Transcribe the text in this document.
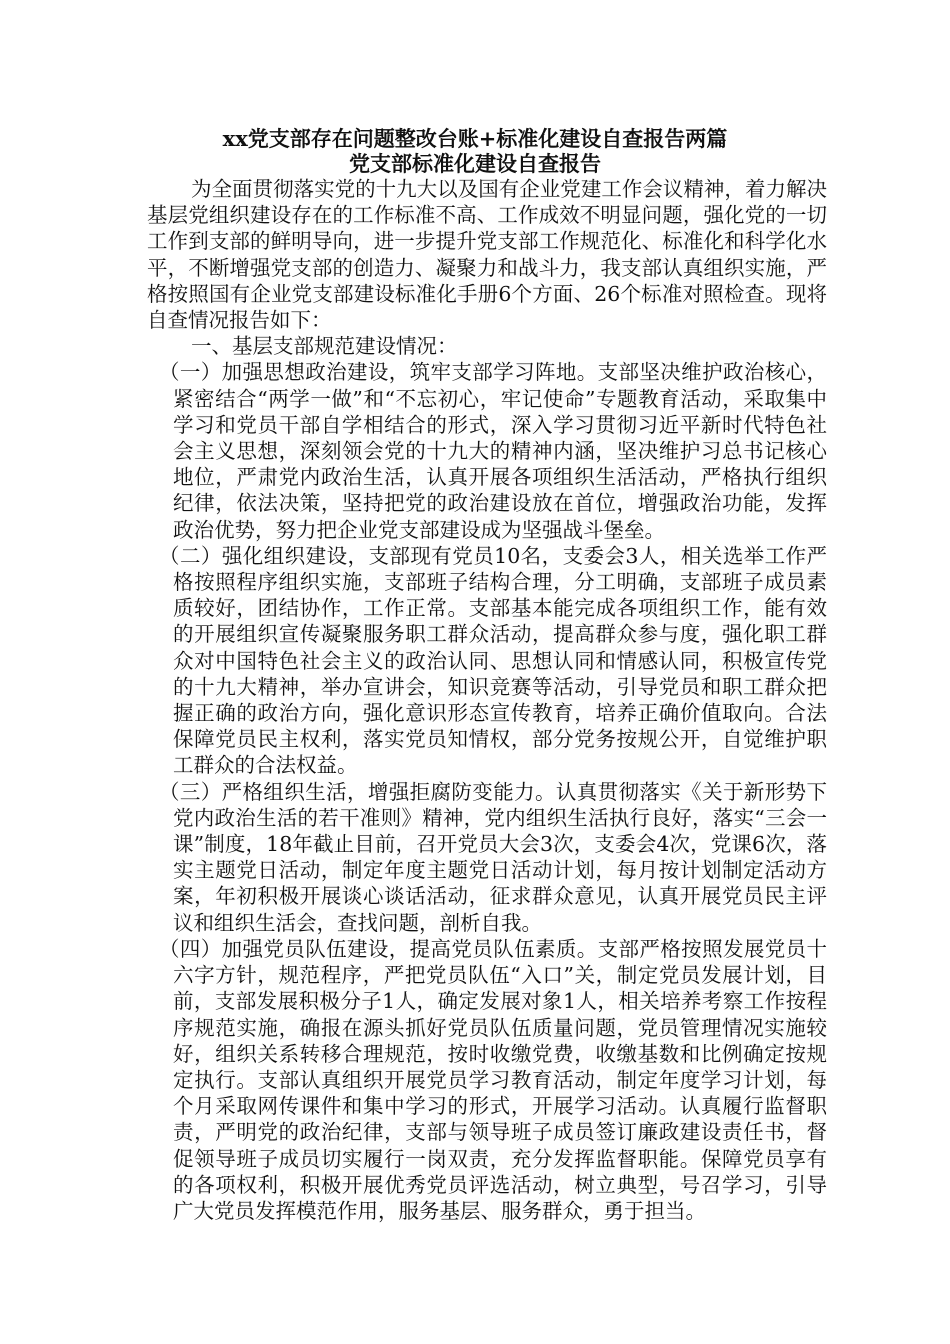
xx党支部存在问题整改台账+标准化建设自查报告两篇
党支部标准化建设自查报告

为全面贯彻落实党的十九大以及国有企业党建工作会议精神，着力解决基层党组织建设存在的工作标准不高、工作成效不明显问题，强化党的一切工作到支部的鲜明导向，进一步提升党支部工作规范化、标准化和科学化水平，不断增强党支部的创造力、凝聚力和战斗力，我支部认真组织实施，严格按照国有企业党支部建设标准化手册6个方面、26个标准对照检查。现将自查情况报告如下：

一、基层支部规范建设情况：

（一）加强思想政治建设，筑牢支部学习阵地。支部坚决维护政治核心，紧密结合“两学一做”和“不忘初心，牢记使命”专题教育活动，采取集中学习和党员干部自学相结合的形式，深入学习贯彻习近平新时代特色社会主义思想，深刻领会党的十九大的精神内涵，坚决维护习总书记核心地位，严肃党内政治生活，认真开展各项组织生活活动，严格执行组织纪律，依法决策，坚持把党的政治建设放在首位，增强政治功能，发挥政治优势，努力把企业党支部建设成为坚强战斗堡垒。

（二）强化组织建设，支部现有党员10名，支委会3人，相关选举工作严格按照程序组织实施，支部班子结构合理，分工明确，支部班子成员素质较好，团结协作，工作正常。支部基本能完成各项组织工作，能有效的开展组织宣传凝聚服务职工群众活动，提高群众参与度，强化职工群众对中国特色社会主义的政治认同、思想认同和情感认同，积极宣传党的十九大精神，举办宣讲会，知识竞赛等活动，引导党员和职工群众把握正确的政治方向，强化意识形态宣传教育，培养正确价值取向。合法保障党员民主权利，落实党员知情权，部分党务按规公开，自觉维护职工群众的合法权益。

（三）严格组织生活，增强拒腐防变能力。认真贯彻落实《关于新形势下党内政治生活的若干准则》精神，党内组织生活执行良好，落实“三会一课”制度，18年截止目前，召开党员大会3次，支委会4次，党课6次，落实主题党日活动，制定年度主题党日活动计划，每月按计划制定活动方案，年初积极开展谈心谈话活动，征求群众意见，认真开展党员民主评议和组织生活会，查找问题，剖析自我。

（四）加强党员队伍建设，提高党员队伍素质。支部严格按照发展党员十六字方针，规范程序，严把党员队伍“入口”关，制定党员发展计划，目前，支部发展积极分子1人，确定发展对象1人，相关培养考察工作按程序规范实施，确报在源头抓好党员队伍质量问题，党员管理情况实施较好，组织关系转移合理规范，按时收缴党费，收缴基数和比例确定按规定执行。支部认真组织开展党员学习教育活动，制定年度学习计划，每个月采取网传课件和集中学习的形式，开展学习活动。认真履行监督职责，严明党的政治纪律，支部与领导班子成员签订廉政建设责任书，督促领导班子成员切实履行一岗双责，充分发挥监督职能。保障党员享有的各项权利，积极开展优秀党员评选活动，树立典型，号召学习，引导广大党员发挥模范作用，服务基层、服务群众，勇于担当。
